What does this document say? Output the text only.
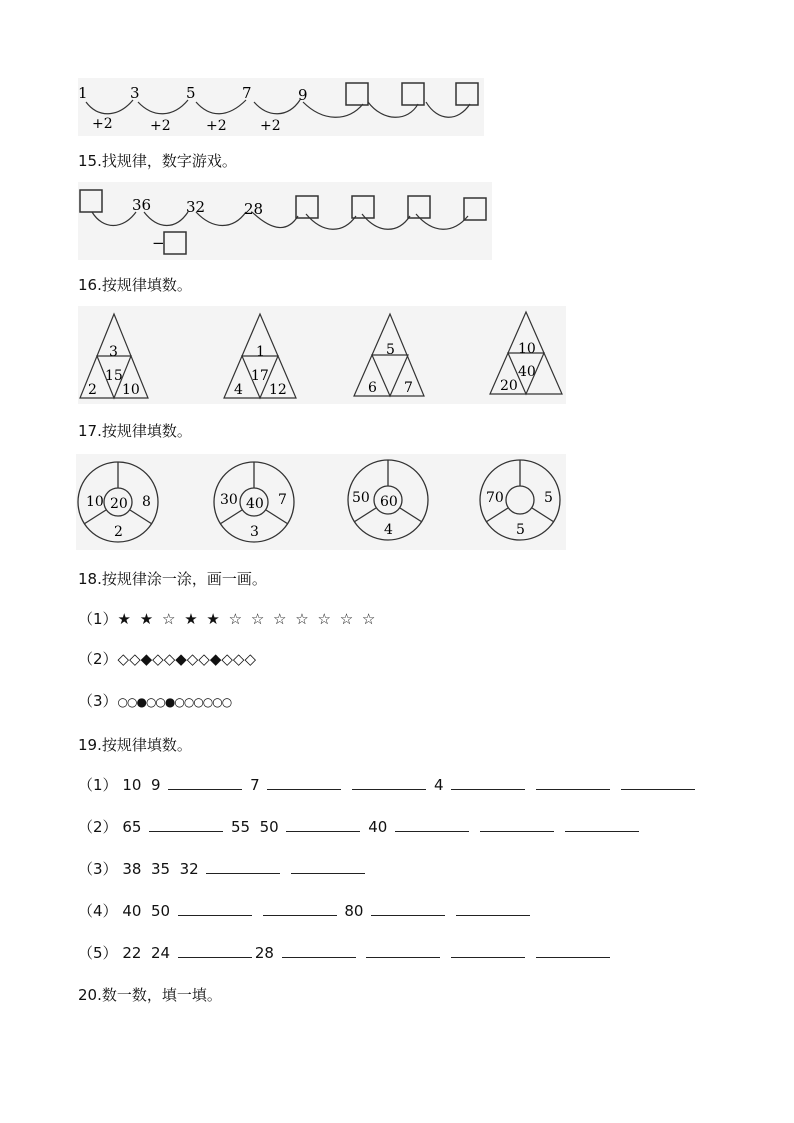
1	3	5	7	9
+2	+2	+2 +2
15.找规律，数字游戏。
36 32	28
−
16.按规律填数。
3
15
2 10
1
17
4 12
5
6 7
10
40
20
17.按规律填数。
10 20 8
2
30 40 7
3
50 60
4
70	5
5
18.按规律涂一涂，画一画。
（1）★ ★ ☆ ★ ★ ☆ ☆ ☆ ☆ ☆ ☆ ☆
（2）◇◇◆◇◇◆◇◇◆◇◇◇
（3）○○●○○●○○○○○○
19.按规律填数。
（1） 10  9	7	4
（2） 65	55  50	40
（3） 38  35  32
（4） 40  50	80
（5） 22  24	28
20.数一数，填一填。
